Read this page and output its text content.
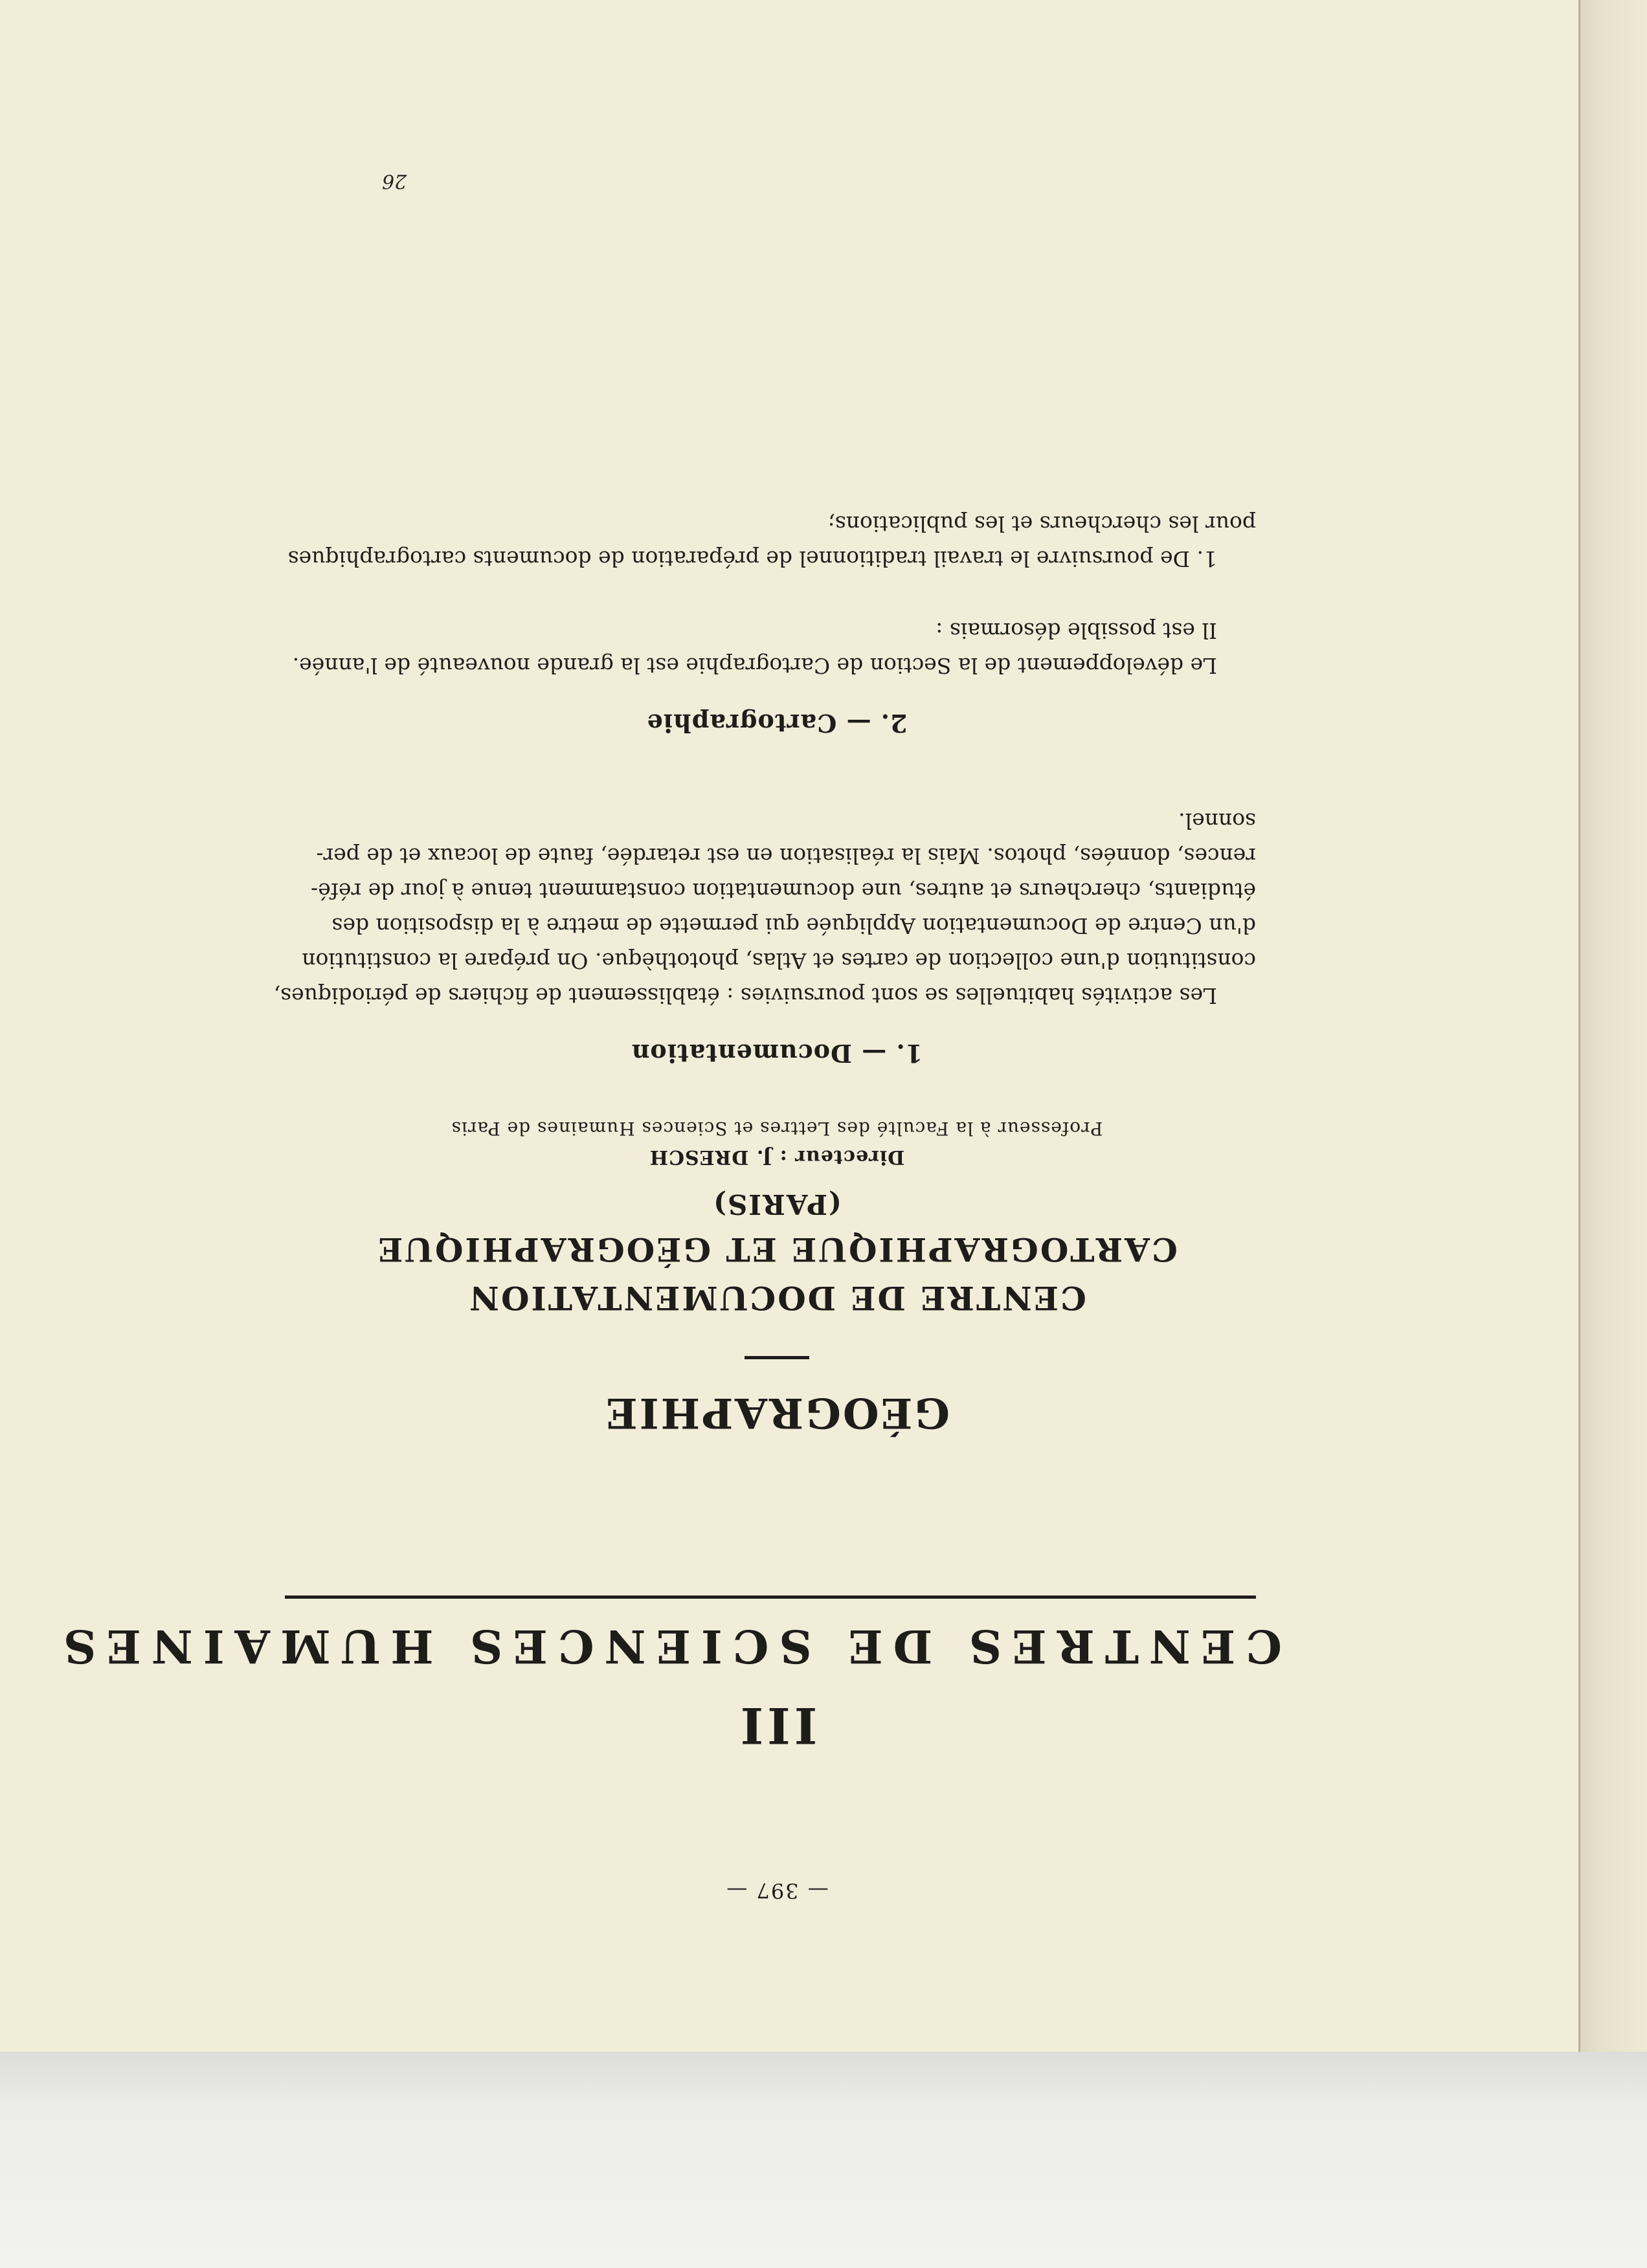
— 397 —
III
CENTRES DE SCIENCES HUMAINES
GÉOGRAPHIE
CENTRE DE DOCUMENTATION
CARTOGRAPHIQUE ET GÉOGRAPHIQUE
(PARIS)
Directeur : J. DRESCH
Professeur à la Faculté des Lettres et Sciences Humaines de Paris
1. — Documentation

Les activités habituelles se sont poursuivies : établissement de fichiers de périodiques,

constitution d'une collection de cartes et Atlas, photothèque. On prépare la constitution

d'un Centre de Documentation Appliquée qui permette de mettre à la disposition des

étudiants, chercheurs et autres, une documentation constamment tenue à jour de réfé-

rences, données, photos. Mais la réalisation en est retardée, faute de locaux et de per-

sonnel.

2. — Cartographie

Le développement de la Section de Cartographie est la grande nouveauté de l'année.

Il est possible désormais :

1. De poursuivre le travail traditionnel de préparation de documents cartographiques

pour les chercheurs et les publications;

26
